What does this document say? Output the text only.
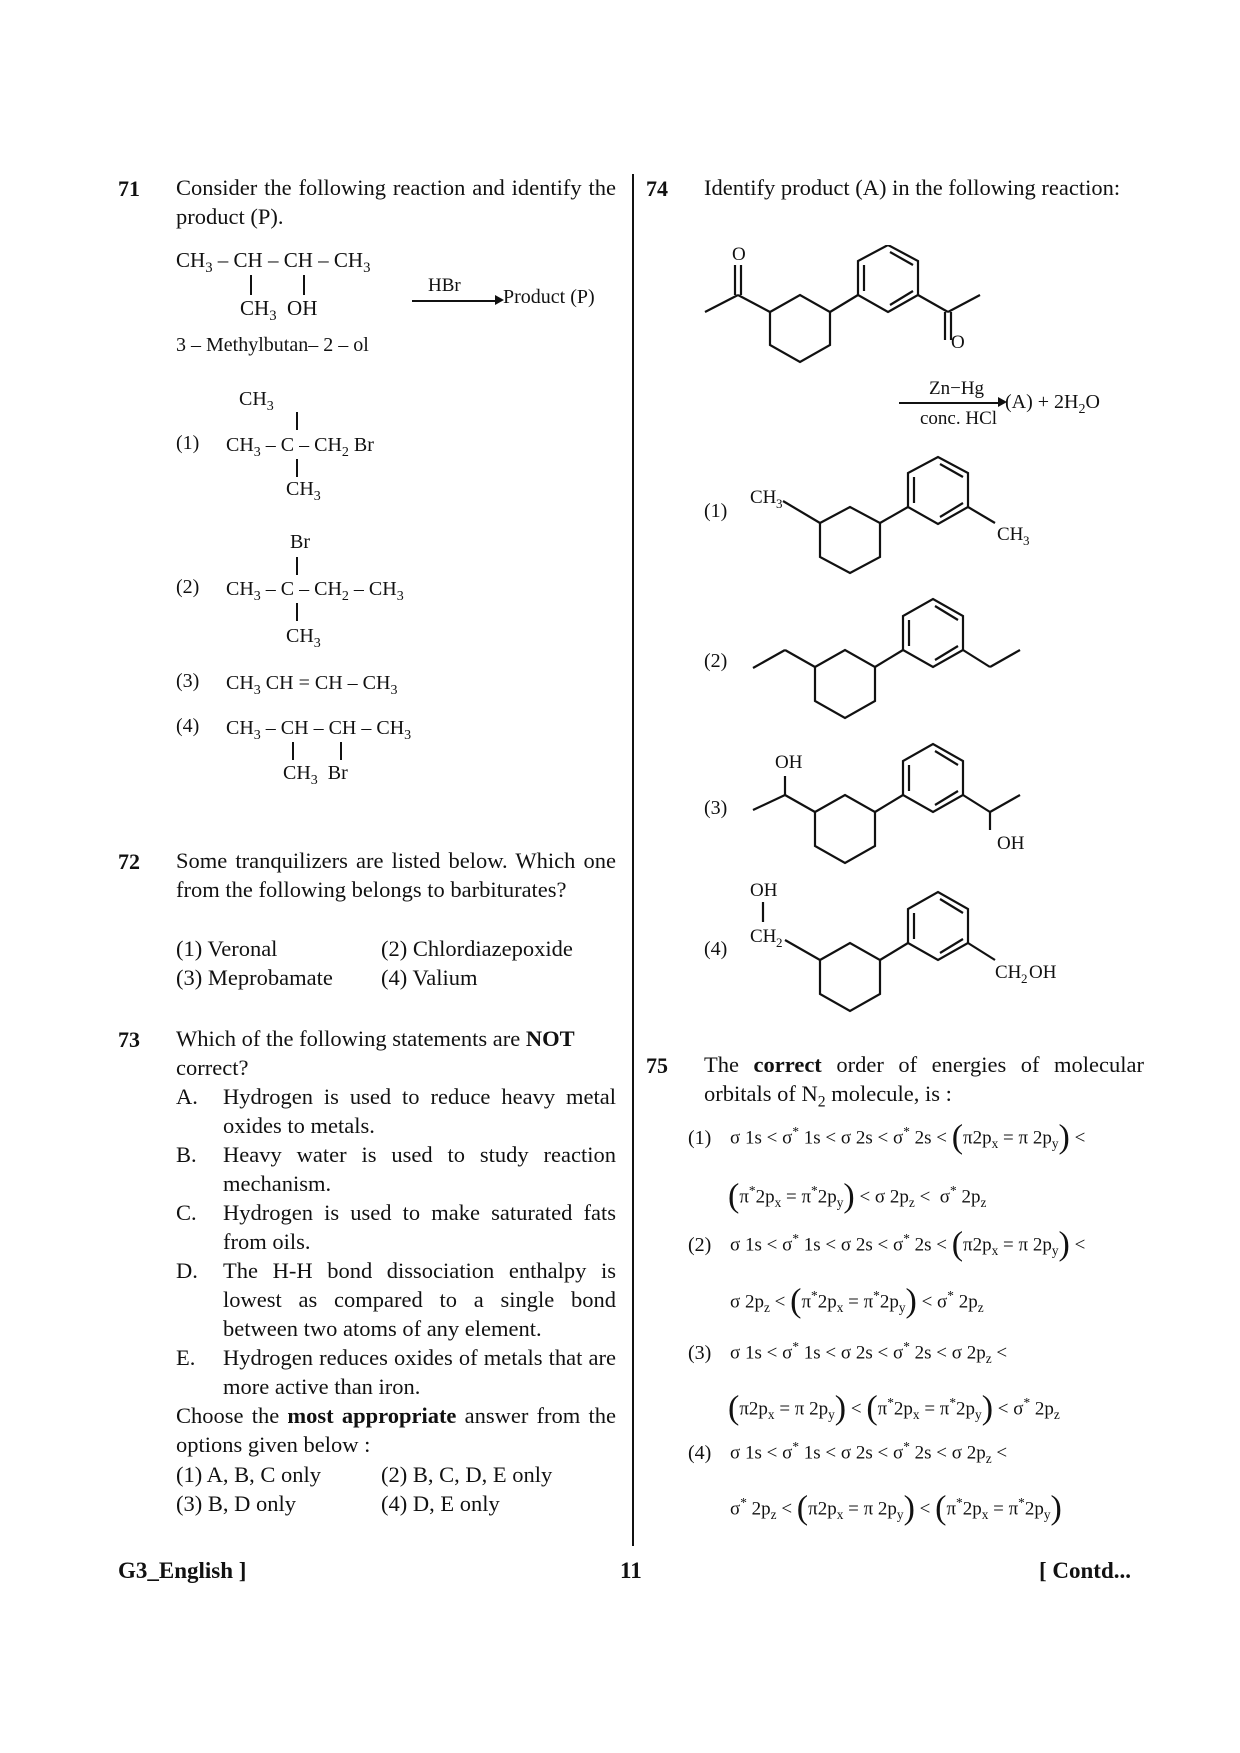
71 Consider the following reaction and identify the product (P).
$CH_3$ – CH – CH – $CH_3$
$CH_3$  OH
HBr
Product (P)
3 – Methylbutan– 2 – ol
$CH_3$
(1) $CH_3$ – C – $CH_2$ Br
$CH_3$
Br
(2) $CH_3$ – C – $CH_2 - CH_3$
$CH_3$
(3) $CH_3$ CH = CH – $CH_3$
(4) $CH_3$ – CH – CH – $CH_3$
$CH_3$  Br
72 Some tranquilizers are listed below. Which one from the following belongs to barbiturates?
(1) Veronal	(2) Chlordiazepoxide
(3) Meprobamate	(4) Valium
73 Which of the following statements are NOT correct?
A.	Hydrogen is used to reduce heavy metal oxides to metals.
B.	Heavy water is used to study reaction mechanism.
C.	Hydrogen is used to make saturated fats from oils.
D.	The H-H bond dissociation enthalpy is lowest as compared to a single bond between two atoms of any element.
E.	Hydrogen reduces oxides of metals that are more active than iron.
Choose the most appropriate answer from the options given below :
(1) A, B, C only	(2) B, C, D, E only
(3) B, D only	(4) D, E only
74 Identify product (A) in the following reaction:
O
O
Zn−Hg
conc. HCl
$(A) + 2H_2O$
(1)
CH 3
CH 3
(2)
(3)
OH
OH
(4)
OH
CH 2
CH 2 OH
75 The correct order of energies of molecular orbitals of $N_2$ molecule, is :
(1) σ 1s < σ* 1s < σ 2s < σ* $2s < (\pi 2p_x = \pi$ $2p_y$) <
$(\pi^*2p_x = \pi^*2p_y) < \sigma$ $2p_z < \sigma^*$ $2p_z$
(2) σ 1s < σ* 1s < σ 2s < σ* $2s < (\pi 2p_x = \pi$ $2p_y$) <
σ $2p_z < (\pi^*2p_x = \pi^*2p_y) < \sigma^*$ $2p_z$
(3) σ 1s < σ* 1s < σ 2s < σ* 2s < σ $2p_z$ <
($\pi 2p_x = \pi$ $2p_y) < (\pi^*2p_x = \pi^*2p_y) < \sigma^*$ $2p_z$
(4) σ 1s < σ* 1s < σ 2s < σ* 2s < σ $2p_z$ <
σ* $2p_z < (\pi 2p_x = \pi$ $2p_y) < (\pi^*2p_x = \pi^*2p_y)$
G3_English ]	11	[ Contd...
